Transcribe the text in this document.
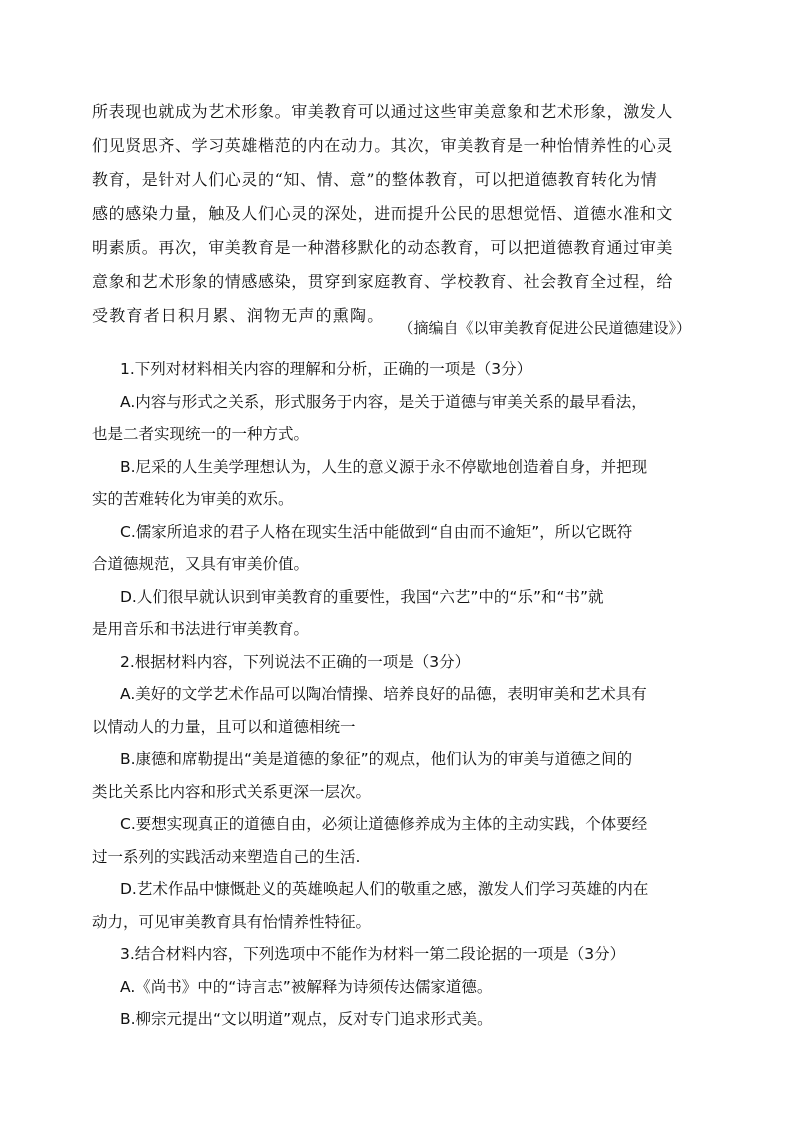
所表现也就成为艺术形象。审美教育可以通过这些审美意象和艺术形象，激发人
们见贤思齐、学习英雄楷范的内在动力。其次，审美教育是一种怡情养性的心灵
教育，是针对人们心灵的“知、情、意”的整体教育，可以把道德教育转化为情
感的感染力量，触及人们心灵的深处，进而提升公民的思想觉悟、道德水准和文
明素质。再次，审美教育是一种潜移默化的动态教育，可以把道德教育通过审美
意象和艺术形象的情感感染，贯穿到家庭教育、学校教育、社会教育全过程，给
受教育者日积月累、润物无声的熏陶。
（摘编自《以审美教育促进公民道德建设》）
1.下列对材料相关内容的理解和分析，正确的一项是（3分）
A.内容与形式之关系，形式服务于内容，是关于道德与审美关系的最早看法，
也是二者实现统一的一种方式。
B.尼采的人生美学理想认为，人生的意义源于永不停歇地创造着自身，并把现
实的苦难转化为审美的欢乐。
C.儒家所追求的君子人格在现实生活中能做到“自由而不逾矩”，所以它既符
合道德规范，又具有审美价值。
D.人们很早就认识到审美教育的重要性，我国“六艺”中的“乐”和“书”就
是用音乐和书法进行审美教育。
2.根据材料内容，下列说法不正确的一项是（3分）
A.美好的文学艺术作品可以陶冶情操、培养良好的品德，表明审美和艺术具有
以情动人的力量，且可以和道德相统一
B.康德和席勒提出“美是道德的象征”的观点，他们认为的审美与道德之间的
类比关系比内容和形式关系更深一层次。
C.要想实现真正的道德自由，必须让道德修养成为主体的主动实践，个体要经
过一系列的实践活动来塑造自己的生活.
D.艺术作品中慷慨赴义的英雄唤起人们的敬重之感，激发人们学习英雄的内在
动力，可见审美教育具有怡情养性特征。
3.结合材料内容，下列选项中不能作为材料一第二段论据的一项是（3分）
A.《尚书》中的“诗言志”被解释为诗须传达儒家道德。
B.柳宗元提出“文以明道”观点，反对专门追求形式美。
